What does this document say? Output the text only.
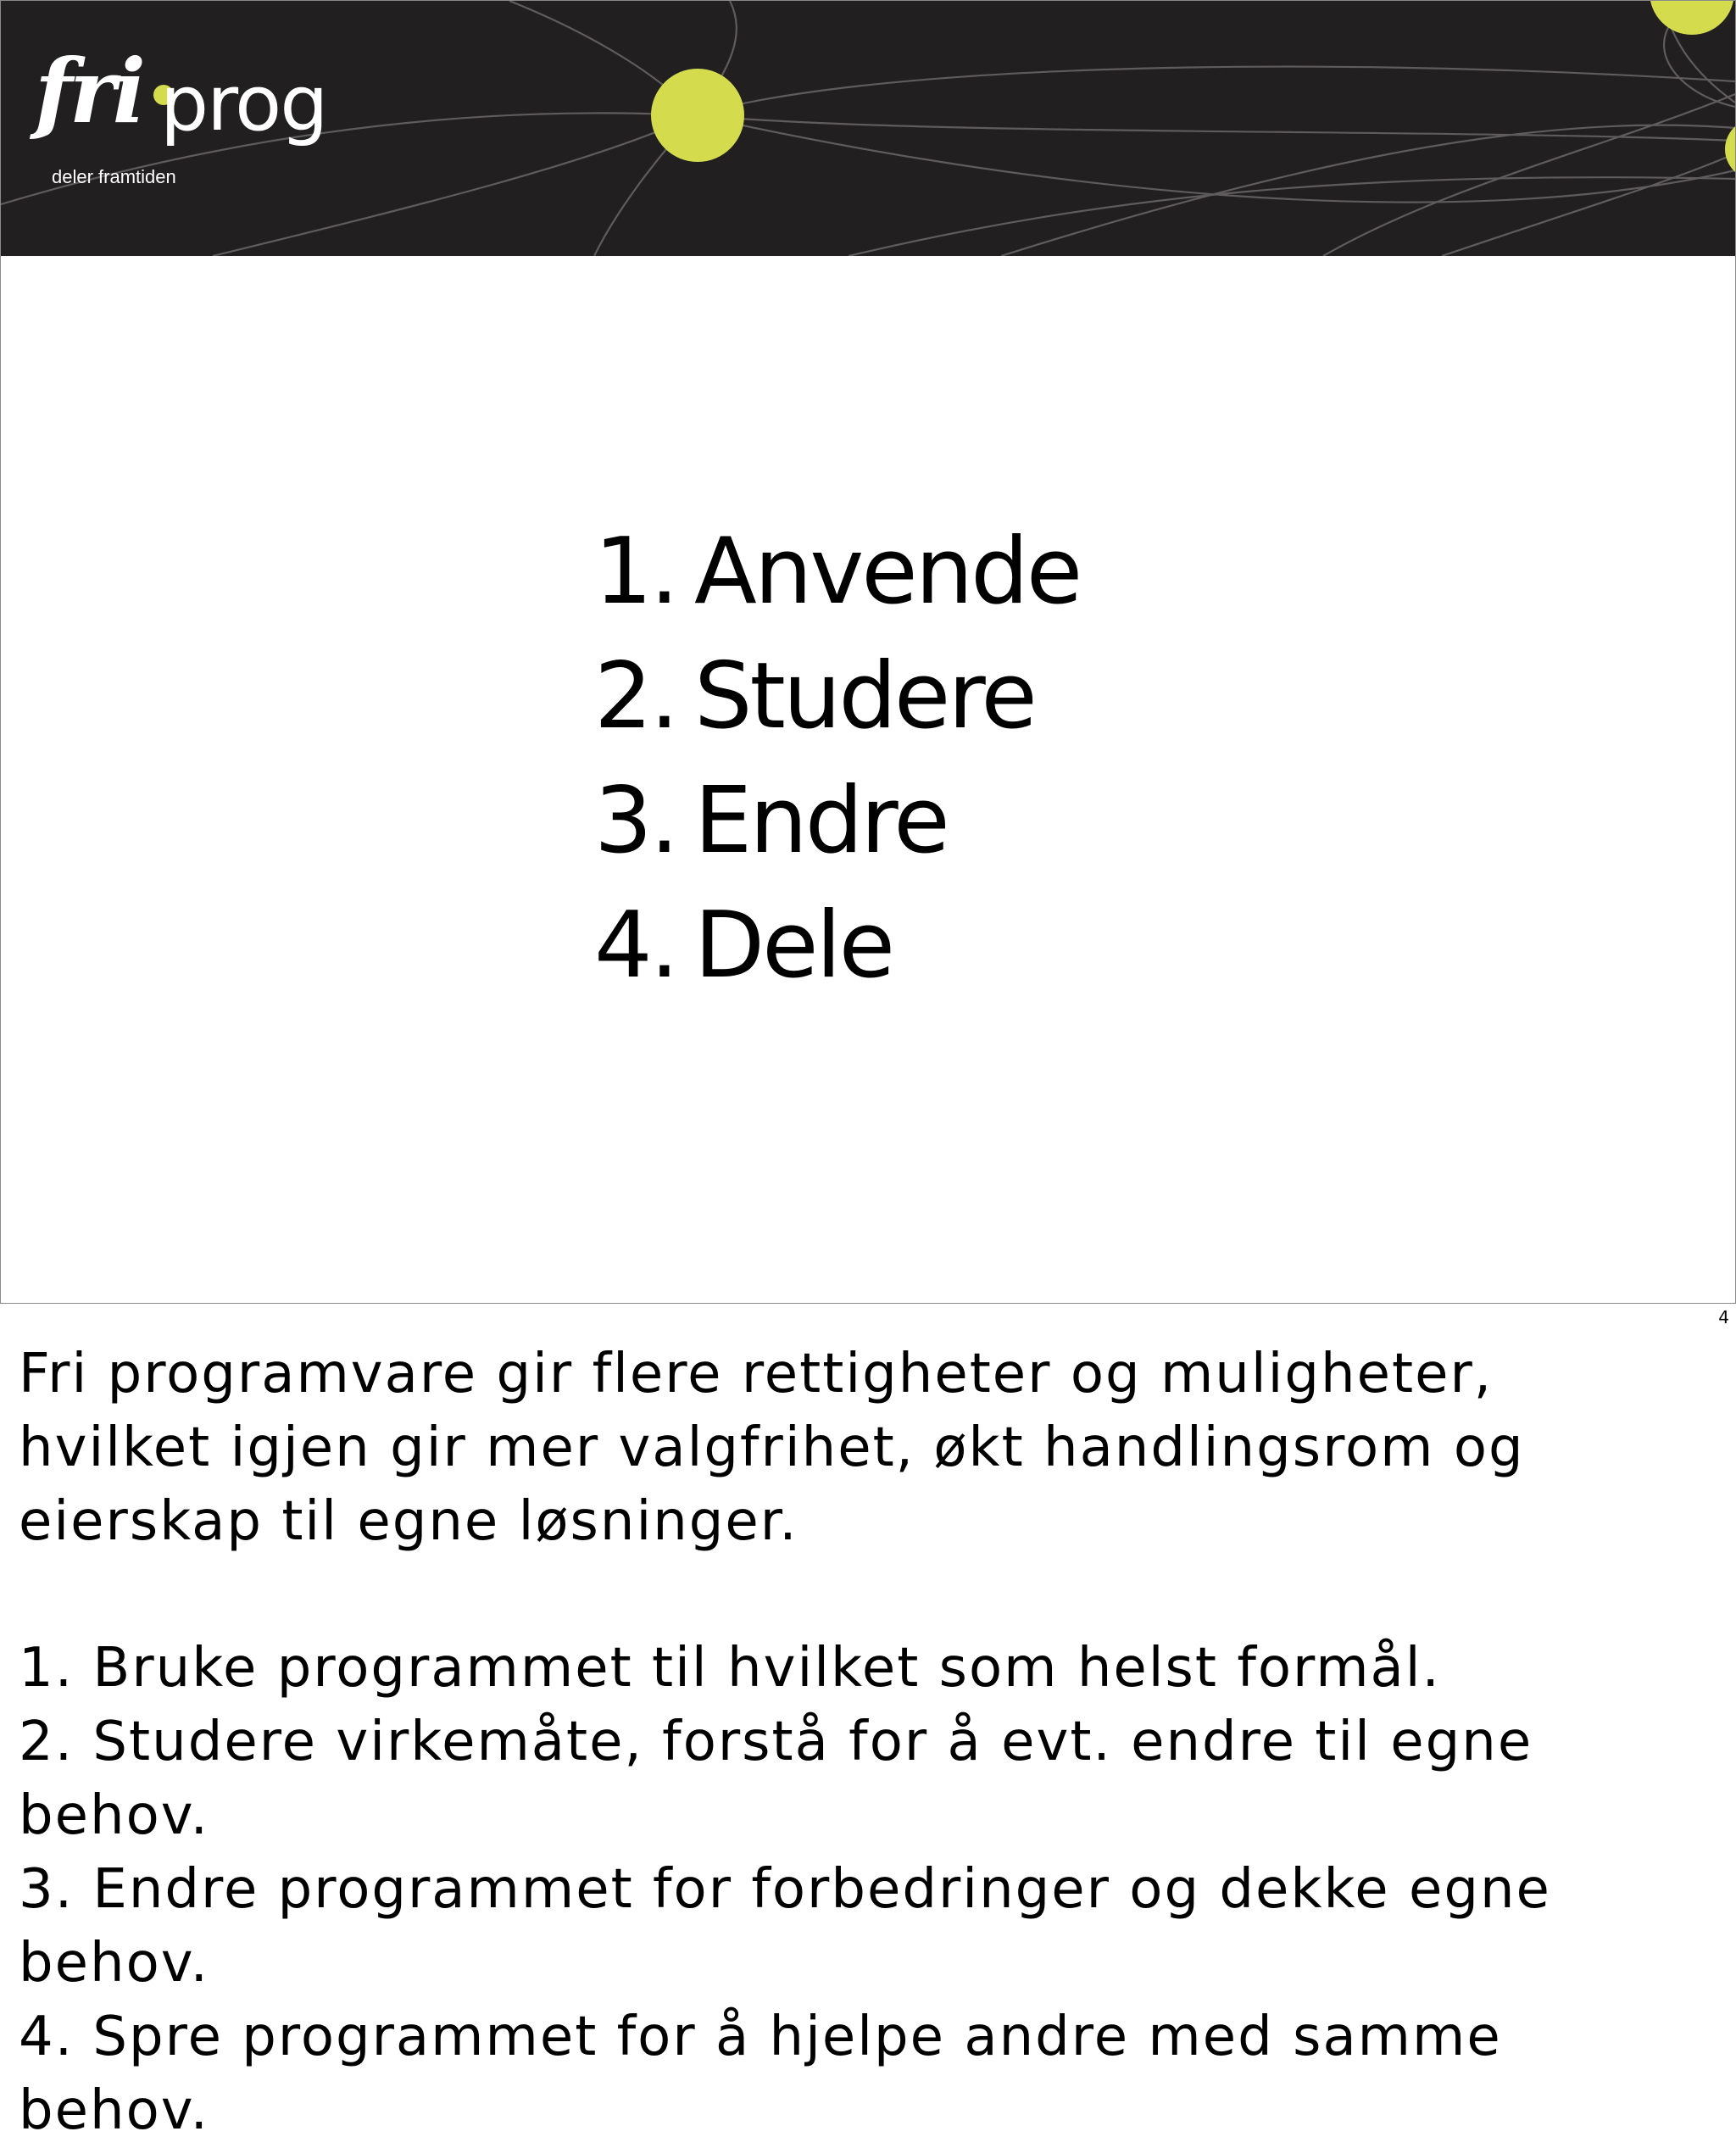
fri prog
deler framtiden
1. Anvende
2. Studere
3. Endre
4. Dele
4

Fri programvare gir flere rettigheter og muligheter,

hvilket igjen gir mer valgfrihet, økt handlingsrom og

eierskap til egne løsninger.

1. Bruke programmet til hvilket som helst formål.

2. Studere virkemåte, forstå for å evt. endre til egne

behov.

3. Endre programmet for forbedringer og dekke egne

behov.

4. Spre programmet for å hjelpe andre med samme

behov.
